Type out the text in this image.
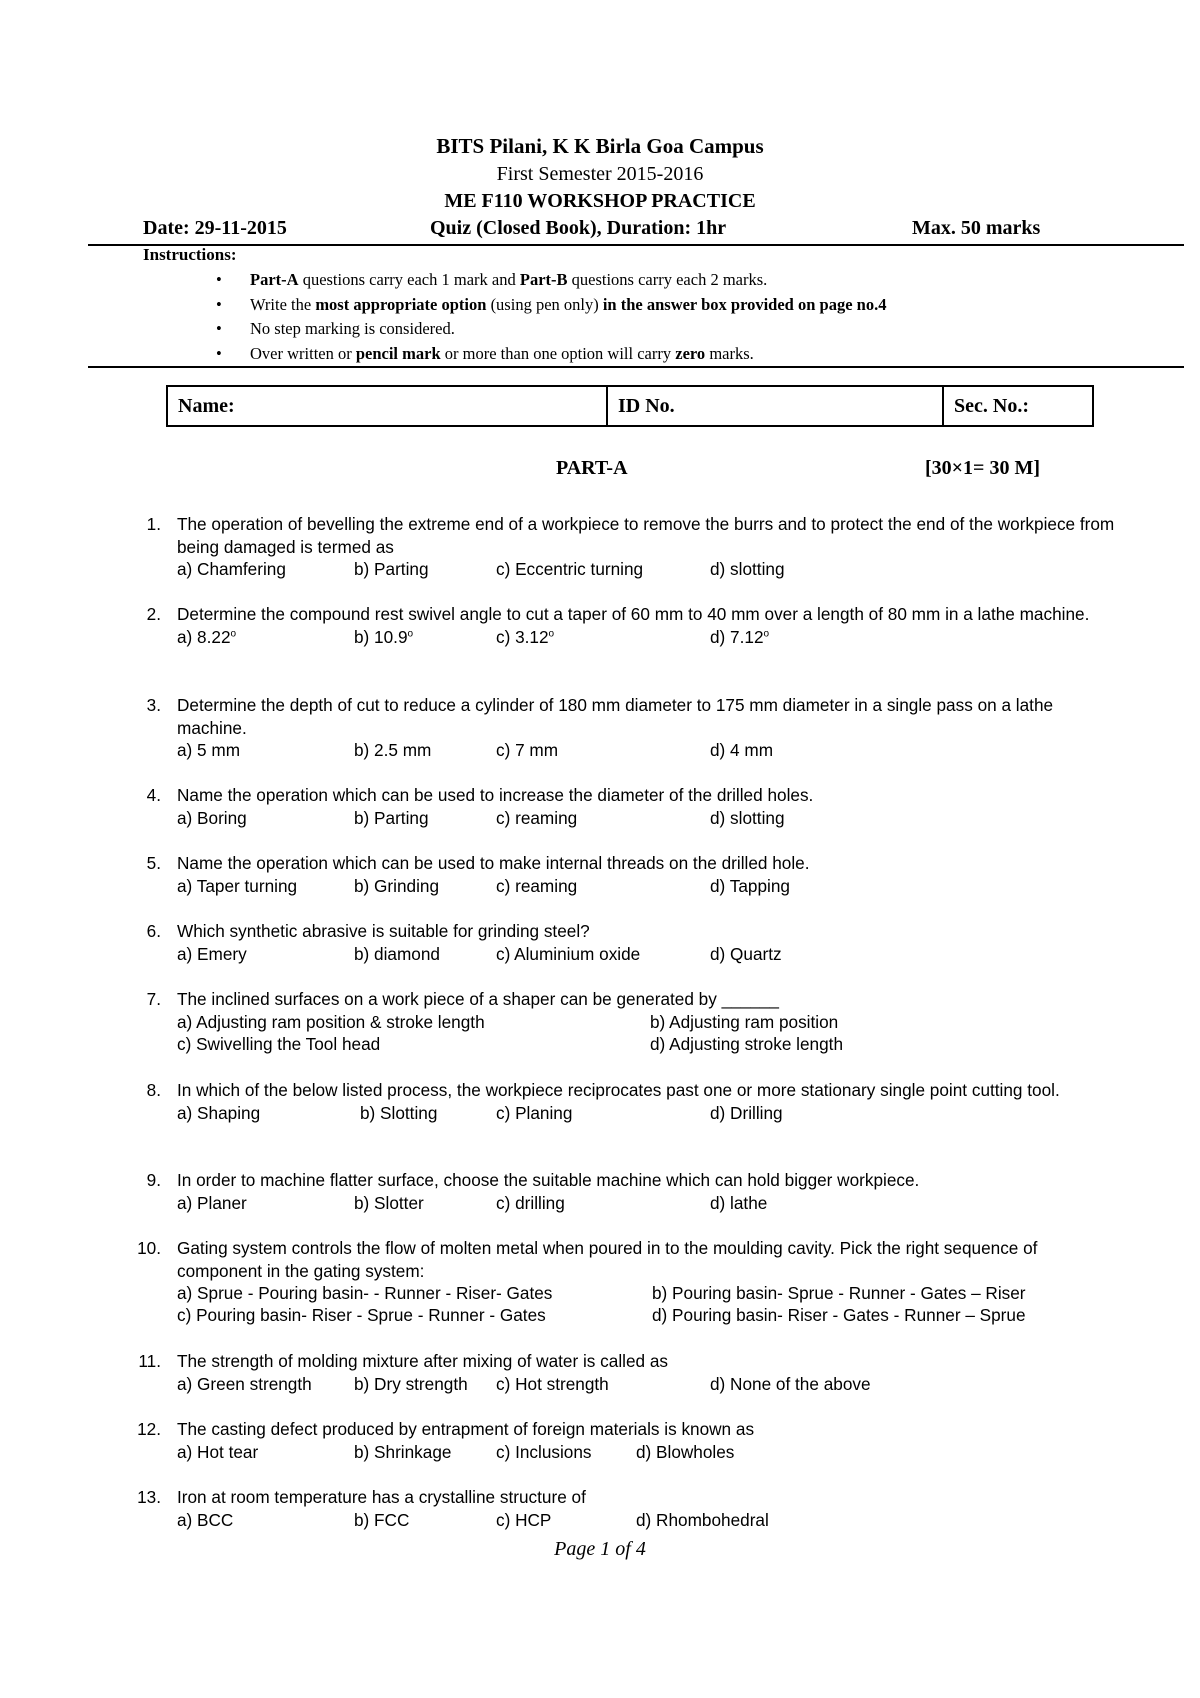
BITS Pilani, K K Birla Goa Campus
First Semester 2015-2016
ME F110 WORKSHOP PRACTICE
Date: 29-11-2015	Quiz (Closed Book), Duration: 1hr	Max. 50 marks
Instructions:
• Part-A questions carry each 1 mark and Part-B questions carry each 2 marks.
• Write the most appropriate option (using pen only) in the answer box provided on page no.4
• No step marking is considered.
• Over written or pencil mark or more than one option will carry zero marks.
Name:	ID No.	Sec. No.:
PART-A	[30×1= 30 M]
1. The operation of bevelling the extreme end of a workpiece to remove the burrs and to protect the end of the workpiece from being damaged is termed as
a) Chamfering	b) Parting	c) Eccentric turning	d) slotting
2. Determine the compound rest swivel angle to cut a taper of 60 mm to 40 mm over a length of 80 mm in a lathe machine.
a) 8.22$^o$	b) 10.9$^o$	c) 3.12$^o$	d) 7.12$^o$
3. Determine the depth of cut to reduce a cylinder of 180 mm diameter to 175 mm diameter in a single pass on a lathe machine.
a) 5 mm	b) 2.5 mm	c) 7 mm	d) 4 mm
4. Name the operation which can be used to increase the diameter of the drilled holes.
a) Boring	b) Parting	c) reaming	d) slotting
5. Name the operation which can be used to make internal threads on the drilled hole.
a) Taper turning	b) Grinding	c) reaming	d) Tapping
6. Which synthetic abrasive is suitable for grinding steel?
a) Emery	b) diamond	c) Aluminium oxide	d) Quartz
7. The inclined surfaces on a work piece of a shaper can be generated by ______
a) Adjusting ram position & stroke length	b) Adjusting ram position
c) Swivelling the Tool head	d) Adjusting stroke length
8. In which of the below listed process, the workpiece reciprocates past one or more stationary single point cutting tool.
a) Shaping	b) Slotting	c) Planing	d) Drilling
9. In order to machine flatter surface, choose the suitable machine which can hold bigger workpiece.
a) Planer	b) Slotter	c) drilling	d) lathe
10. Gating system controls the flow of molten metal when poured in to the moulding cavity. Pick the right sequence of component in the gating system:
a) Sprue - Pouring basin- - Runner - Riser- Gates	b) Pouring basin- Sprue - Runner - Gates – Riser
c) Pouring basin- Riser - Sprue - Runner - Gates	d) Pouring basin- Riser - Gates - Runner – Sprue
11. The strength of molding mixture after mixing of water is called as
a) Green strength b) Dry strength c) Hot strength	d) None of the above
12. The casting defect produced by entrapment of foreign materials is known as
a) Hot tear	b) Shrinkage	c) Inclusions	d) Blowholes
13. Iron at room temperature has a crystalline structure of
a) BCC	b) FCC	c) HCP	d) Rhombohedral
Page 1 of 4
